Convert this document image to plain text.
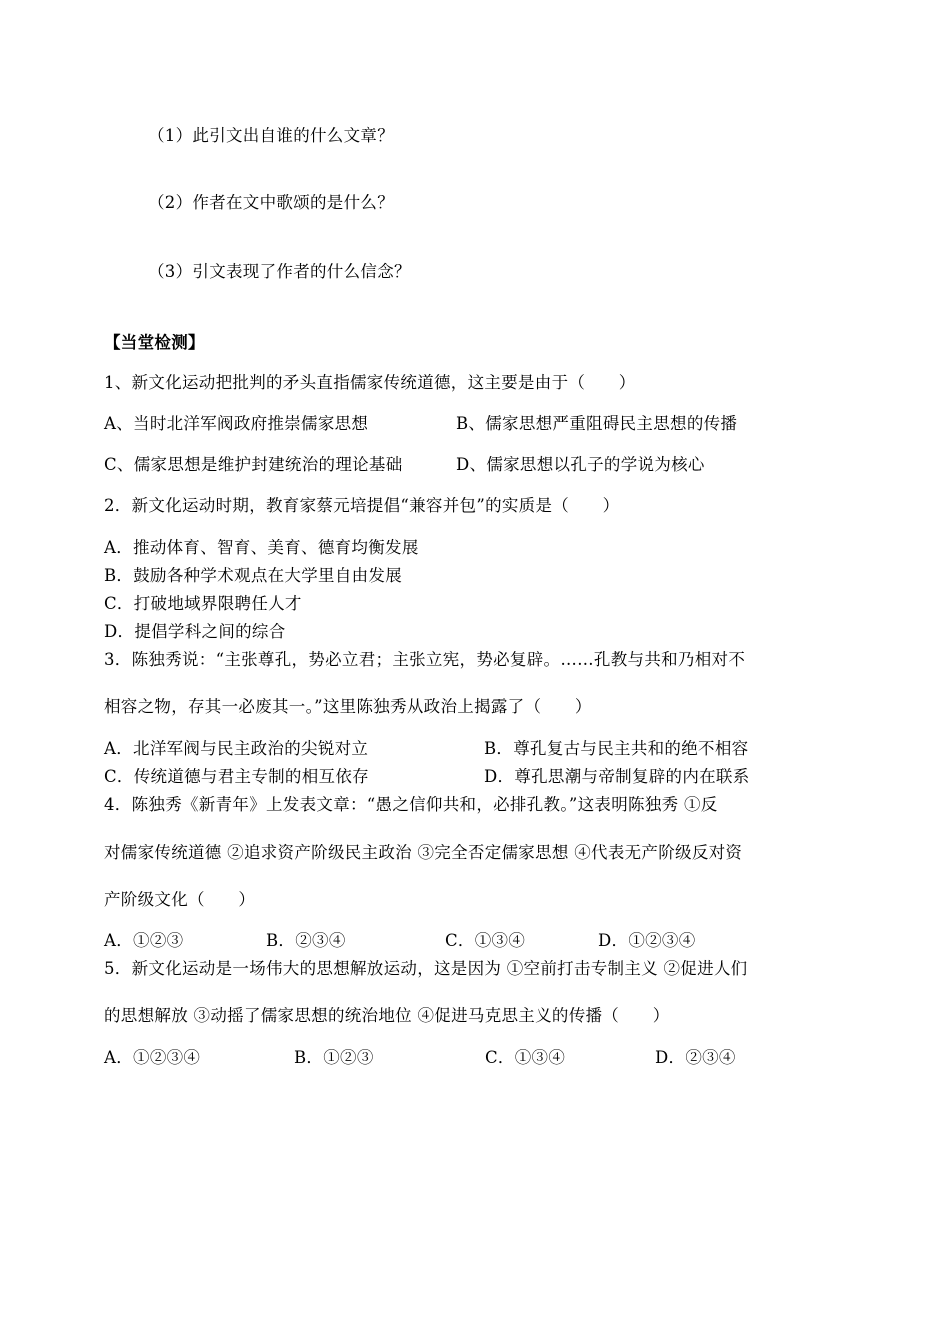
（1）此引文出自谁的什么文章？
（2）作者在文中歌颂的是什么？
（3）引文表现了作者的什么信念？
【当堂检测】
1、新文化运动把批判的矛头直指儒家传统道德，这主要是由于（　　）
A、当时北洋军阀政府推崇儒家思想	B、儒家思想严重阻碍民主思想的传播
C、儒家思想是维护封建统治的理论基础	D、儒家思想以孔子的学说为核心
2．新文化运动时期，教育家蔡元培提倡“兼容并包”的实质是（　　）
A．推动体育、智育、美育、德育均衡发展
B．鼓励各种学术观点在大学里自由发展
C．打破地域界限聘任人才
D．提倡学科之间的综合
3．陈独秀说：“主张尊孔，势必立君；主张立宪，势必复辟。……孔教与共和乃相对不
相容之物，存其一必废其一。”这里陈独秀从政治上揭露了（　　）
A．北洋军阀与民主政治的尖锐对立	B．尊孔复古与民主共和的绝不相容
C．传统道德与君主专制的相互依存	D．尊孔思潮与帝制复辟的内在联系
4．陈独秀《新青年》上发表文章：“愚之信仰共和，必排孔教。”这表明陈独秀 ①反
对儒家传统道德 ②追求资产阶级民主政治 ③完全否定儒家思想 ④代表无产阶级反对资
产阶级文化（　　）
A．①②③	B．②③④	C．①③④	D．①②③④
5．新文化运动是一场伟大的思想解放运动，这是因为 ①空前打击专制主义 ②促进人们
的思想解放 ③动摇了儒家思想的统治地位 ④促进马克思主义的传播（　　）
A．①②③④	B．①②③	C．①③④	D．②③④
